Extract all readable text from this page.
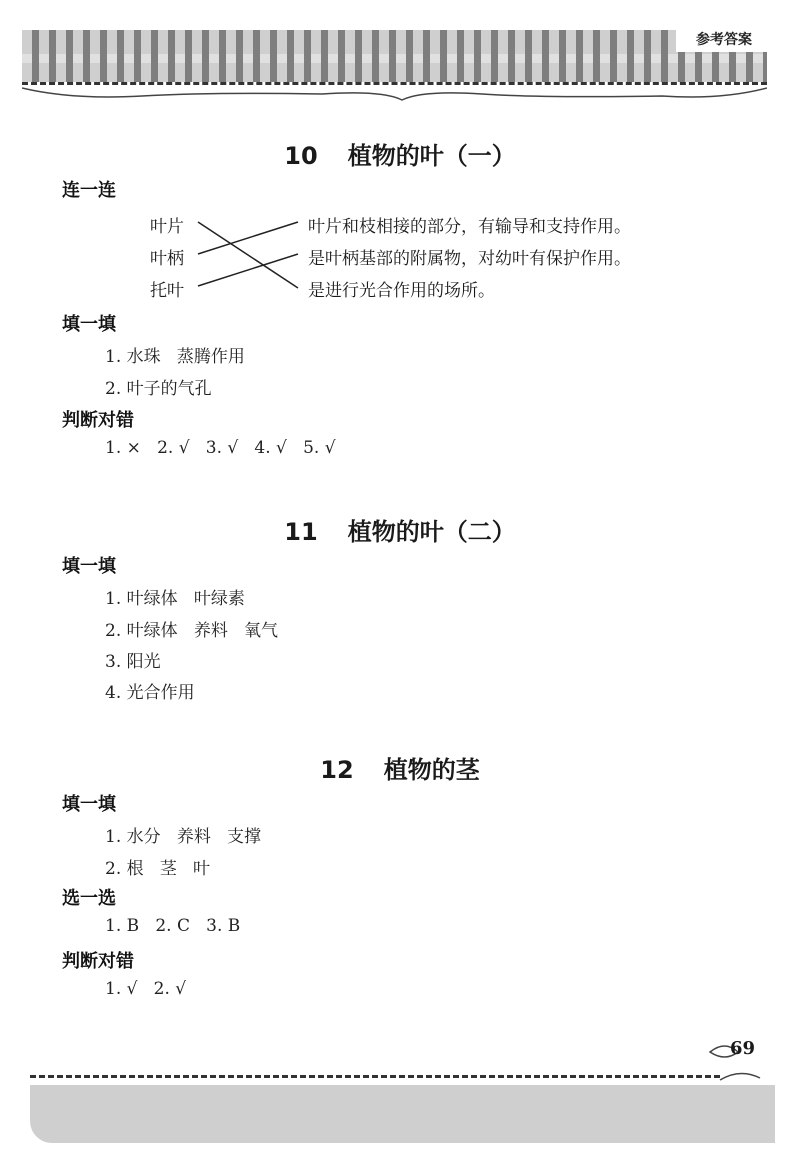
参考答案
10 植物的叶（一）
连一连
叶片
叶柄
托叶
叶片和枝相接的部分，有输导和支持作用。
是叶柄基部的附属物，对幼叶有保护作用。
是进行光合作用的场所。
填一填
1. 水珠   蒸腾作用
2. 叶子的气孔
判断对错
1. ×   2. √   3. √   4. √   5. √
11 植物的叶（二）
填一填
1. 叶绿体   叶绿素
2. 叶绿体   养料   氧气
3. 阳光
4. 光合作用
12 植物的茎
填一填
1. 水分   养料   支撑
2. 根   茎   叶
选一选
1. B   2. C   3. B
判断对错
1. √   2. √
69
